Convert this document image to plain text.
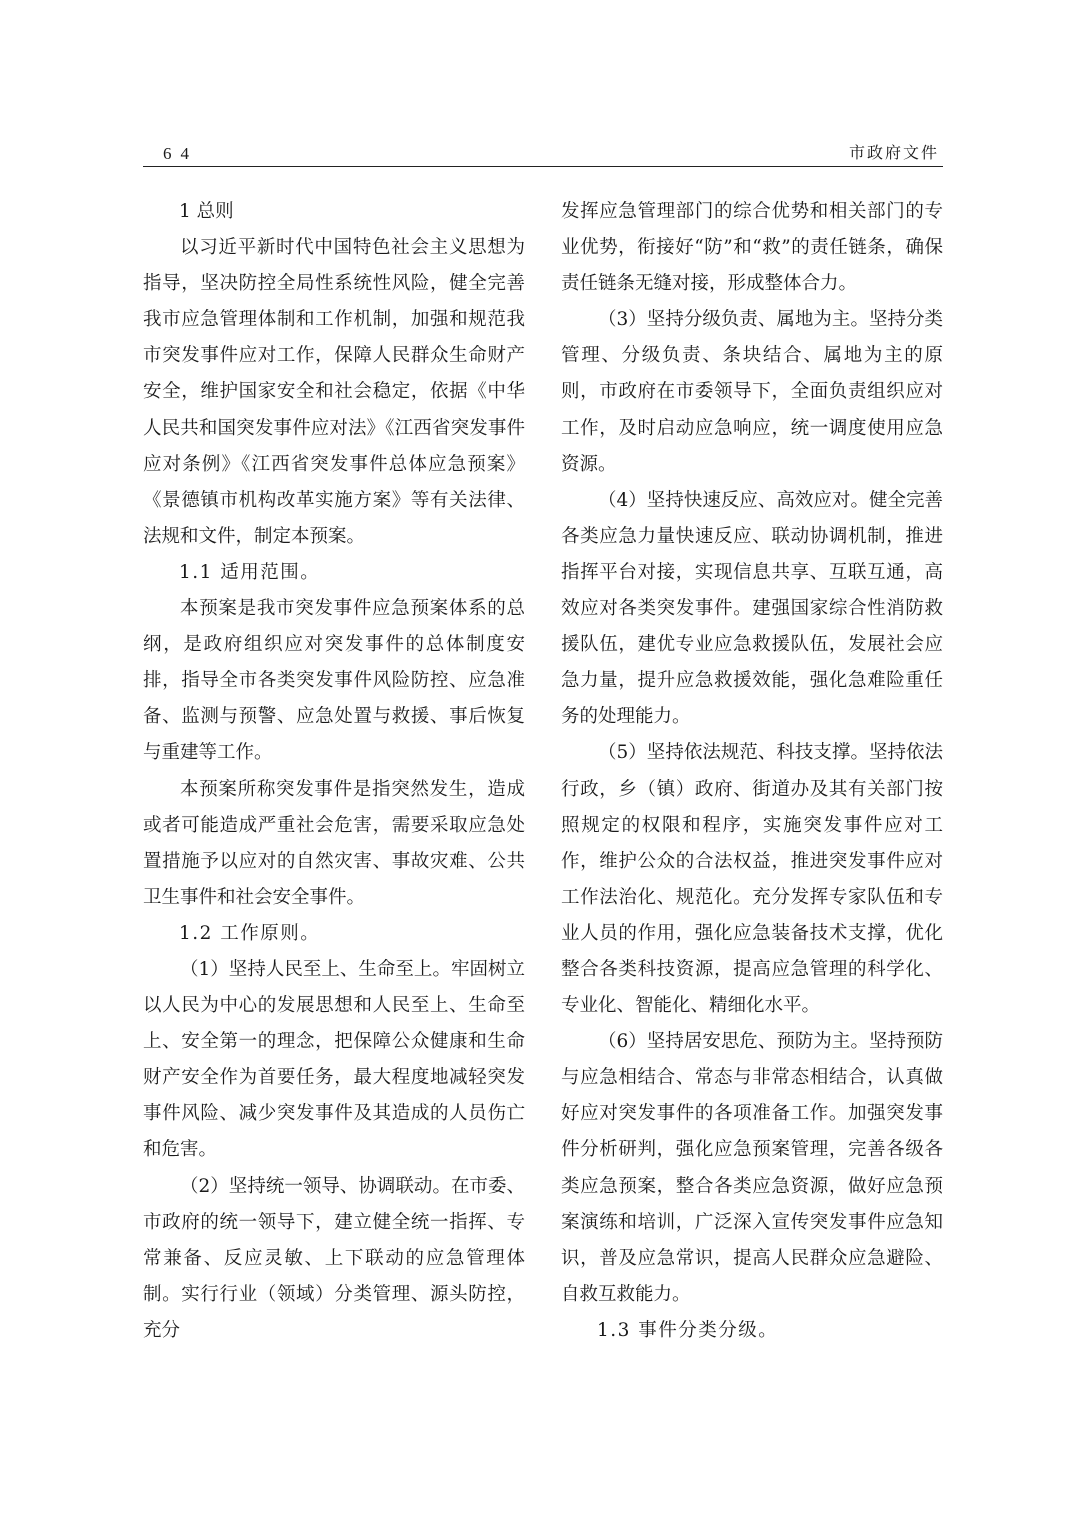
64	市政府文件

1 总则

以习近平新时代中国特色社会主义思想为指导，坚决防控全局性系统性风险，健全完善我市应急管理体制和工作机制，加强和规范我市突发事件应对工作，保障人民群众生命财产安全，维护国家安全和社会稳定，依据《中华人民共和国突发事件应对法》《江西省突发事件应对条例》《江西省突发事件总体应急预案》《景德镇市机构改革实施方案》等有关法律、法规和文件，制定本预案。

1.1 适用范围。

本预案是我市突发事件应急预案体系的总纲，是政府组织应对突发事件的总体制度安排，指导全市各类突发事件风险防控、应急准备、监测与预警、应急处置与救援、事后恢复与重建等工作。

本预案所称突发事件是指突然发生，造成或者可能造成严重社会危害，需要采取应急处置措施予以应对的自然灾害、事故灾难、公共卫生事件和社会安全事件。

1.2 工作原则。

（1）坚持人民至上、生命至上。牢固树立以人民为中心的发展思想和人民至上、生命至上、安全第一的理念，把保障公众健康和生命财产安全作为首要任务，最大程度地减轻突发事件风险、减少突发事件及其造成的人员伤亡和危害。

（2）坚持统一领导、协调联动。在市委、市政府的统一领导下，建立健全统一指挥、专常兼备、反应灵敏、上下联动的应急管理体制。实行行业（领域）分类管理、源头防控，充分

发挥应急管理部门的综合优势和相关部门的专业优势，衔接好“防”和“救”的责任链条，确保责任链条无缝对接，形成整体合力。

（3）坚持分级负责、属地为主。坚持分类管理、分级负责、条块结合、属地为主的原则，市政府在市委领导下，全面负责组织应对工作，及时启动应急响应，统一调度使用应急资源。

（4）坚持快速反应、高效应对。健全完善各类应急力量快速反应、联动协调机制，推进指挥平台对接，实现信息共享、互联互通，高效应对各类突发事件。建强国家综合性消防救援队伍，建优专业应急救援队伍，发展社会应急力量，提升应急救援效能，强化急难险重任务的处理能力。

（5）坚持依法规范、科技支撑。坚持依法行政，乡（镇）政府、街道办及其有关部门按照规定的权限和程序，实施突发事件应对工作，维护公众的合法权益，推进突发事件应对工作法治化、规范化。充分发挥专家队伍和专业人员的作用，强化应急装备技术支撑，优化整合各类科技资源，提高应急管理的科学化、专业化、智能化、精细化水平。

（6）坚持居安思危、预防为主。坚持预防与应急相结合、常态与非常态相结合，认真做好应对突发事件的各项准备工作。加强突发事件分析研判，强化应急预案管理，完善各级各类应急预案，整合各类应急资源，做好应急预案演练和培训，广泛深入宣传突发事件应急知识，普及应急常识，提高人民群众应急避险、自救互救能力。

1.3 事件分类分级。
